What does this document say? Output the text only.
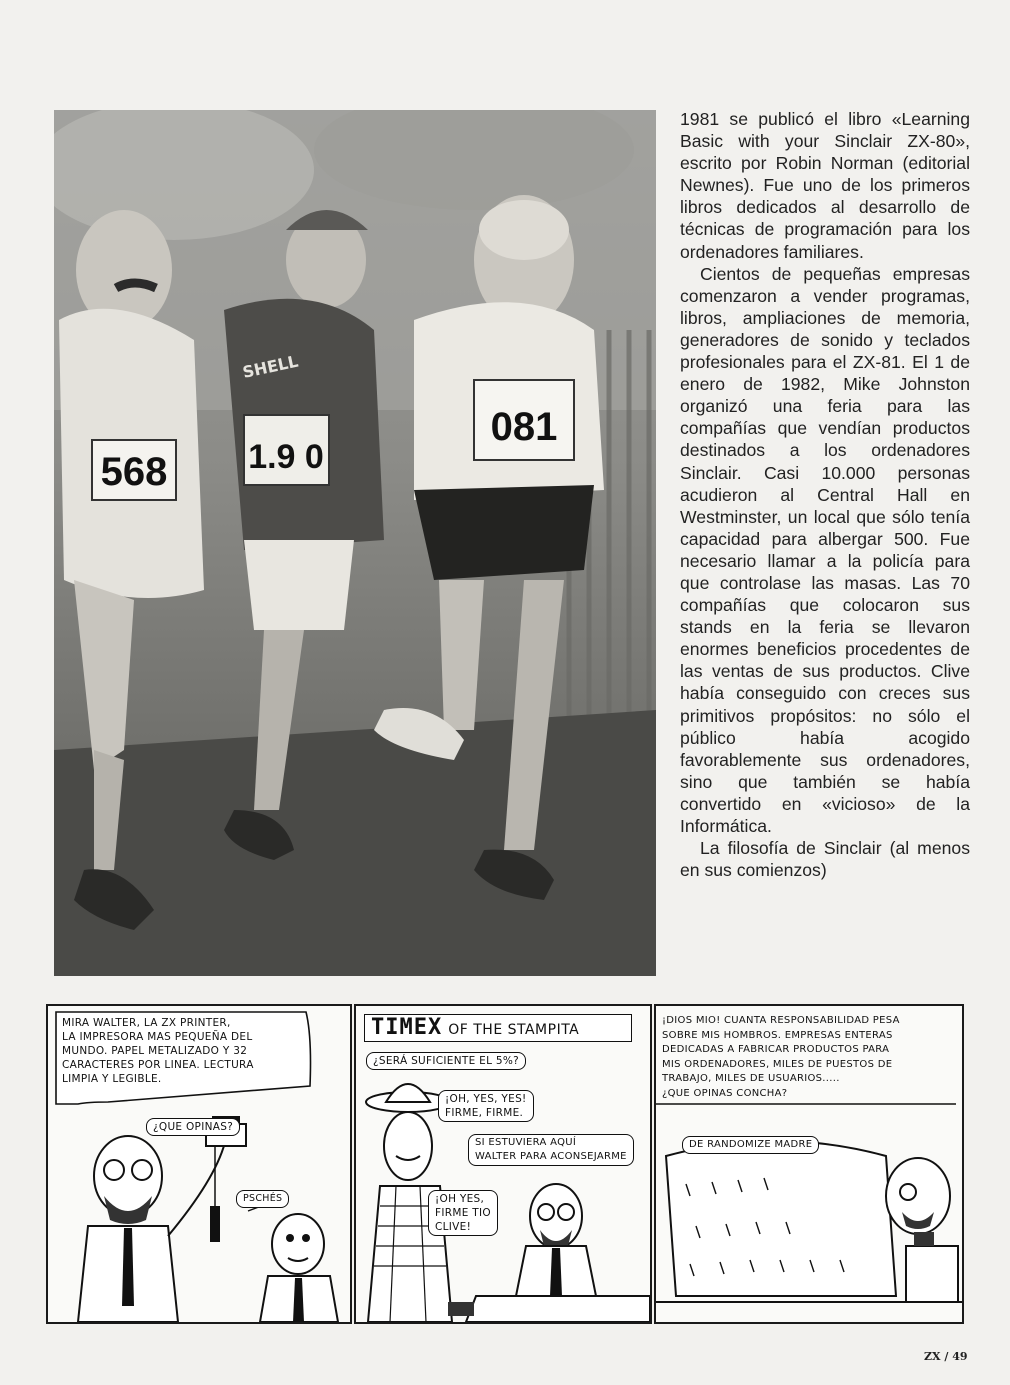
SHELL
568 1.9 0
081

1981 se publicó el libro «Learning Basic with your Sinclair ZX-80», escrito por Robin Norman (editorial Newnes). Fue uno de los primeros libros dedicados al desarrollo de técnicas de programación para los ordenadores familiares.

Cientos de pequeñas empresas comenzaron a vender programas, libros, ampliaciones de memoria, generadores de sonido y teclados profesionales para el ZX-81. El 1 de enero de 1982, Mike Johnston organizó una feria para las compañías que vendían productos destinados a los ordenadores Sinclair. Casi 10.000 personas acudieron al Central Hall en Westminster, un local que sólo tenía capacidad para albergar 500. Fue necesario llamar a la policía para que controlase las masas. Las 70 compañías que colocaron sus stands en la feria se llevaron enormes beneficios procedentes de las ventas de sus productos. Clive había conseguido con creces sus primitivos propósitos: no sólo el público había acogido favorablemente sus ordenadores, sino que también se había convertido en «vicioso» de la Informática.

La filosofía de Sinclair (al menos en sus comienzos)

MIRA WALTER, LA ZX PRINTER,
LA IMPRESORA MAS PEQUEÑA DEL
MUNDO. PAPEL METALIZADO Y 32
CARACTERES POR LINEA. LECTURA
LIMPIA Y LEGIBLE.
¿QUE OPINAS?
PSCHÉS
TIMEX OF THE STAMPITA
¿SERÁ SUFICIENTE EL 5%?
¡OH, YES, YES!
FIRME, FIRME.
SI ESTUVIERA AQUÍ
WALTER PARA ACONSEJARME
¡OH YES,
FIRME TIO
CLIVE!
¡DIOS MIO! CUANTA RESPONSABILIDAD PESA
SOBRE MIS HOMBROS. EMPRESAS ENTERAS
DEDICADAS A FABRICAR PRODUCTOS PARA
MIS ORDENADORES, MILES DE PUESTOS DE
TRABAJO, MILES DE USUARIOS.....
¿QUE OPINAS CONCHA?
DE RANDOMIZE MADRE
ZX / 49
